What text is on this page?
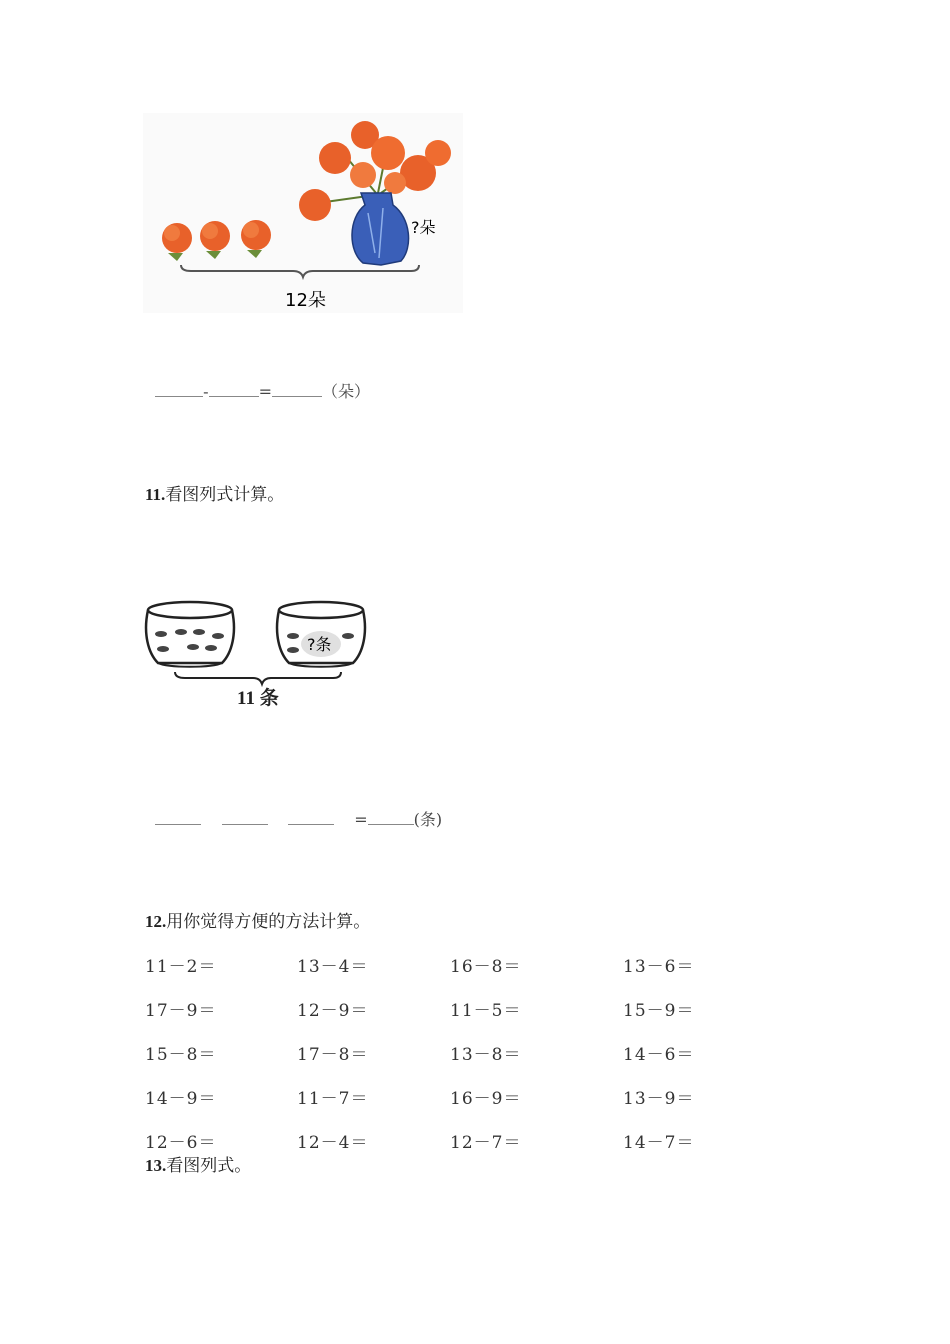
?朵
12朵

-	=	（朵）

11.看图列式计算。
?条
11 条

=	(条)

12.用你觉得方便的方法计算。
11－2＝	13－4＝	16－8＝	13－6＝
17－9＝	12－9＝	11－5＝	15－9＝
15－8＝	17－8＝	13－8＝	14－6＝
14－9＝	11－7＝	16－9＝	13－9＝
12－6＝	12－4＝	12－7＝	14－7＝
13.看图列式。
